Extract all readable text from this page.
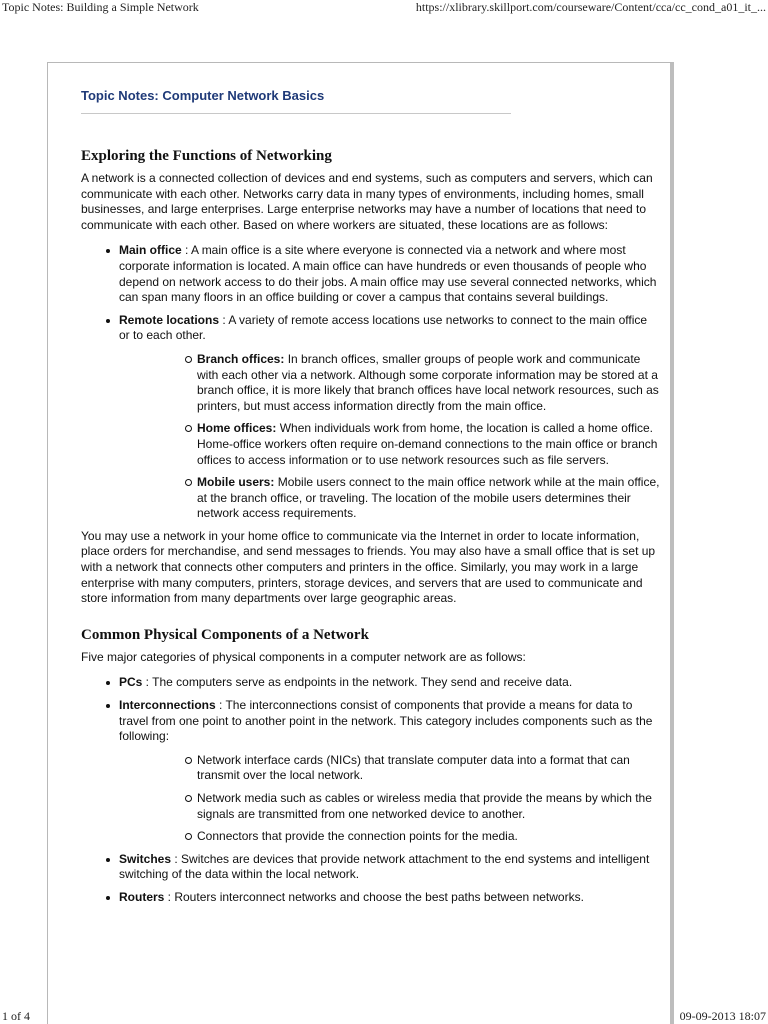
Topic Notes: Building a Simple Network	https://xlibrary.skillport.com/courseware/Content/cca/cc_cond_a01_it_...
Topic Notes: Computer Network Basics
Exploring the Functions of Networking

A network is a connected collection of devices and end systems, such as computers and servers, which can communicate with each other. Networks carry data in many types of environments, including homes, small businesses, and large enterprises. Large enterprise networks may have a number of locations that need to communicate with each other. Based on where workers are situated, these locations are as follows:

Main office : A main office is a site where everyone is connected via a network and where most corporate information is located. A main office can have hundreds or even thousands of people who depend on network access to do their jobs. A main office may use several connected networks, which can span many floors in an office building or cover a campus that contains several buildings.
Remote locations : A variety of remote access locations use networks to connect to the main office or to each other.
Branch offices: In branch offices, smaller groups of people work and communicate with each other via a network. Although some corporate information may be stored at a branch office, it is more likely that branch offices have local network resources, such as printers, but must access information directly from the main office.
Home offices: When individuals work from home, the location is called a home office. Home-office workers often require on-demand connections to the main office or branch offices to access information or to use network resources such as file servers.
Mobile users: Mobile users connect to the main office network while at the main office, at the branch office, or traveling. The location of the mobile users determines their network access requirements.

You may use a network in your home office to communicate via the Internet in order to locate information, place orders for merchandise, and send messages to friends. You may also have a small office that is set up with a network that connects other computers and printers in the office. Similarly, you may work in a large enterprise with many computers, printers, storage devices, and servers that are used to communicate and store information from many departments over large geographic areas.

Common Physical Components of a Network

Five major categories of physical components in a computer network are as follows:

PCs : The computers serve as endpoints in the network. They send and receive data.
Interconnections : The interconnections consist of components that provide a means for data to travel from one point to another point in the network. This category includes components such as the following:
Network interface cards (NICs) that translate computer data into a format that can transmit over the local network.
Network media such as cables or wireless media that provide the means by which the signals are transmitted from one networked device to another.
Connectors that provide the connection points for the media.
Switches : Switches are devices that provide network attachment to the end systems and intelligent switching of the data within the local network.
Routers : Routers interconnect networks and choose the best paths between networks.
1 of 4	09-09-2013 18:07
